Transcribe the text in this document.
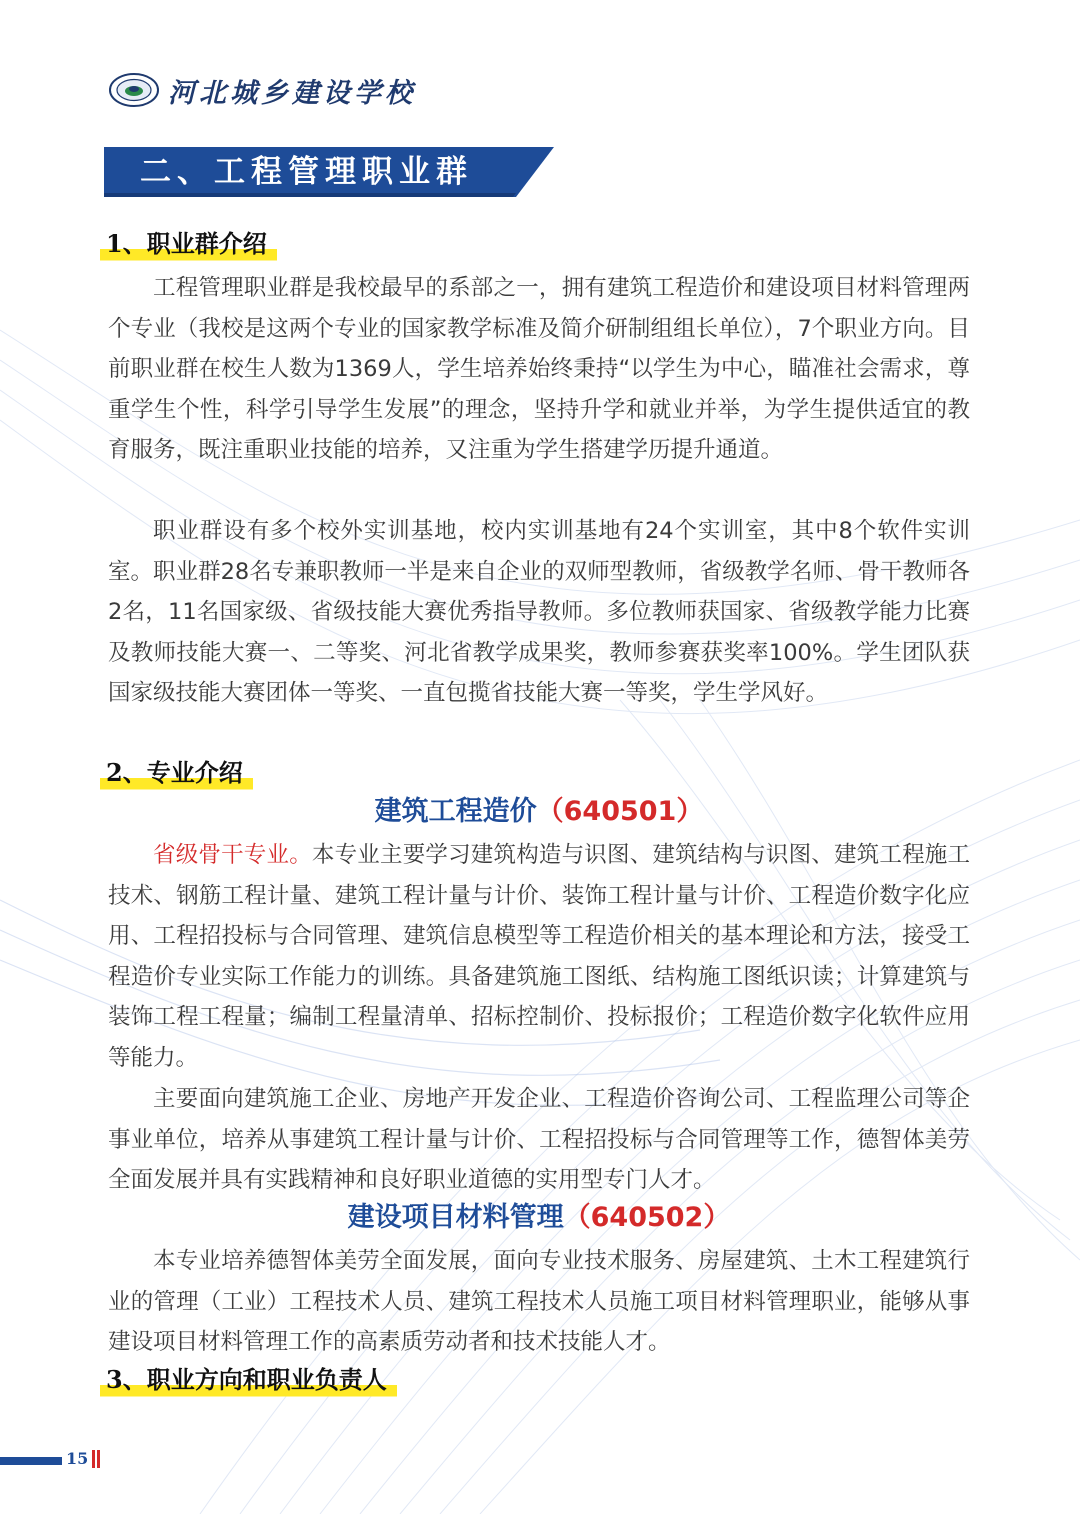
河北城乡建设学校
二、工程管理职业群
1、职业群介绍

工程管理职业群是我校最早的系部之一，拥有建筑工程造价和建设项目材料管理两个专业（我校是这两个专业的国家教学标准及简介研制组组长单位），7个职业方向。目前职业群在校生人数为1369人，学生培养始终秉持“以学生为中心，瞄准社会需求，尊重学生个性，科学引导学生发展”的理念，坚持升学和就业并举，为学生提供适宜的教育服务，既注重职业技能的培养，又注重为学生搭建学历提升通道。

职业群设有多个校外实训基地，校内实训基地有24个实训室，其中8个软件实训室。职业群28名专兼职教师一半是来自企业的双师型教师，省级教学名师、骨干教师各2名，11名国家级、省级技能大赛优秀指导教师。多位教师获国家、省级教学能力比赛及教师技能大赛一、二等奖、河北省教学成果奖，教师参赛获奖率100%。学生团队获国家级技能大赛团体一等奖、一直包揽省技能大赛一等奖，学生学风好。

2、专业介绍
建筑工程造价（640501）

省级骨干专业。本专业主要学习建筑构造与识图、建筑结构与识图、建筑工程施工技术、钢筋工程计量、建筑工程计量与计价、装饰工程计量与计价、工程造价数字化应用、工程招投标与合同管理、建筑信息模型等工程造价相关的基本理论和方法，接受工程造价专业实际工作能力的训练。具备建筑施工图纸、结构施工图纸识读；计算建筑与装饰工程工程量；编制工程量清单、招标控制价、投标报价；工程造价数字化软件应用等能力。

主要面向建筑施工企业、房地产开发企业、工程造价咨询公司、工程监理公司等企事业单位，培养从事建筑工程计量与计价、工程招投标与合同管理等工作，德智体美劳全面发展并具有实践精神和良好职业道德的实用型专门人才。

建设项目材料管理（640502）

本专业培养德智体美劳全面发展，面向专业技术服务、房屋建筑、土木工程建筑行业的管理（工业）工程技术人员、建筑工程技术人员施工项目材料管理职业，能够从事建设项目材料管理工作的高素质劳动者和技术技能人才。

3、职业方向和职业负责人
15
